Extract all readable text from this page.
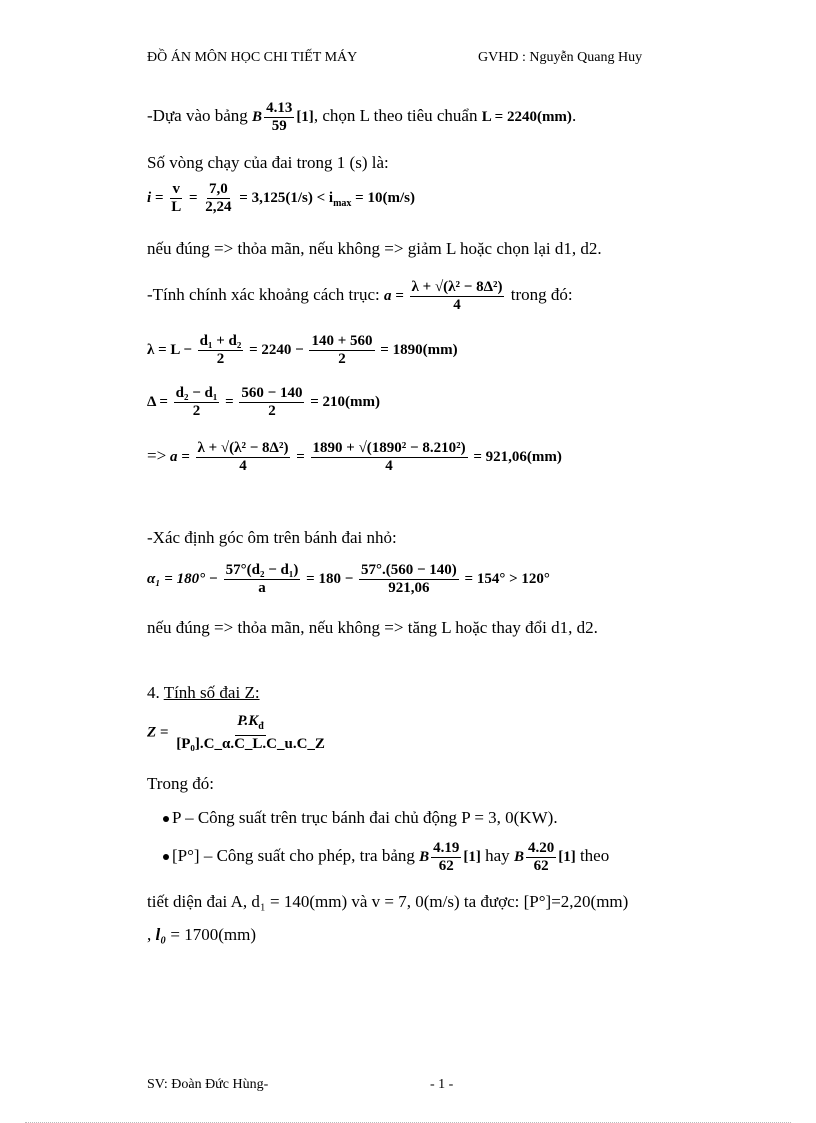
ĐỒ ÁN MÔN HỌC CHI TIẾT MÁY	GVHD : Nguyễn Quang Huy
-Dựa vào bảng B $\frac{4.13}{59} [1]$, chọn L theo tiêu chuẩn L = 2240(mm).
Số vòng chạy của đai trong 1 (s) là:
$i = \frac{v}{L} = \frac{7,0}{2,24} = 3,125(1/s) < i_{max} = 10(m/s)$
nếu đúng => thỏa mãn, nếu không => giảm L hoặc chọn lại d1, d2.
-Tính chính xác khoảng cách trục: $a = \frac{\text{λ + √(λ² − 8Δ²)}}{4}$ trong đó:
$\lambda = L - \frac{\text{d₁ + d₂}}{2} = 2240 - \frac{140 + 560}{2} = 1890(mm)$
$\Delta = \frac{\text{d₂ − d₁}}{2} = \frac{560 - 140}{2} = 210(mm)$
=> $a = \frac{\text{λ + √(λ² − 8Δ²)}}{4} = \frac{\text{1890 + √(1890² − 8.210²)}}{4} = 921,06(mm)$
-Xác định góc ôm trên bánh đai nhỏ:
$\alpha_1 = 180^\circ - \frac{\text{57°(d₂ − d₁)}}{a} = 180 - \frac{57^\circ.(560 - 140)}{921,06} = 154^\circ > 120^\circ$
nếu đúng => thỏa mãn, nếu không => tăng L hoặc thay đổi d1, d2.
4. Tính số đai Z:
$Z = \frac{P.K_đ}{\text{[P₀].C\_α.C\_L.C\_u.C\_Z}}$
Trong đó:
P – Công suất trên trục bánh đai chủ động P = 3, 0(KW).
[P°] – Công suất cho phép, tra bảng B $\frac{4.19}{62} [1]$ hay B $\frac{4.20}{62} [1]$ theo
tiết diện đai A, d₁ = 140(mm) và v = 7, 0(m/s) ta được: [P°]=2,20(mm)
, l₀ = 1700(mm)
SV: Đoàn Đức Hùng-	- 1 -
